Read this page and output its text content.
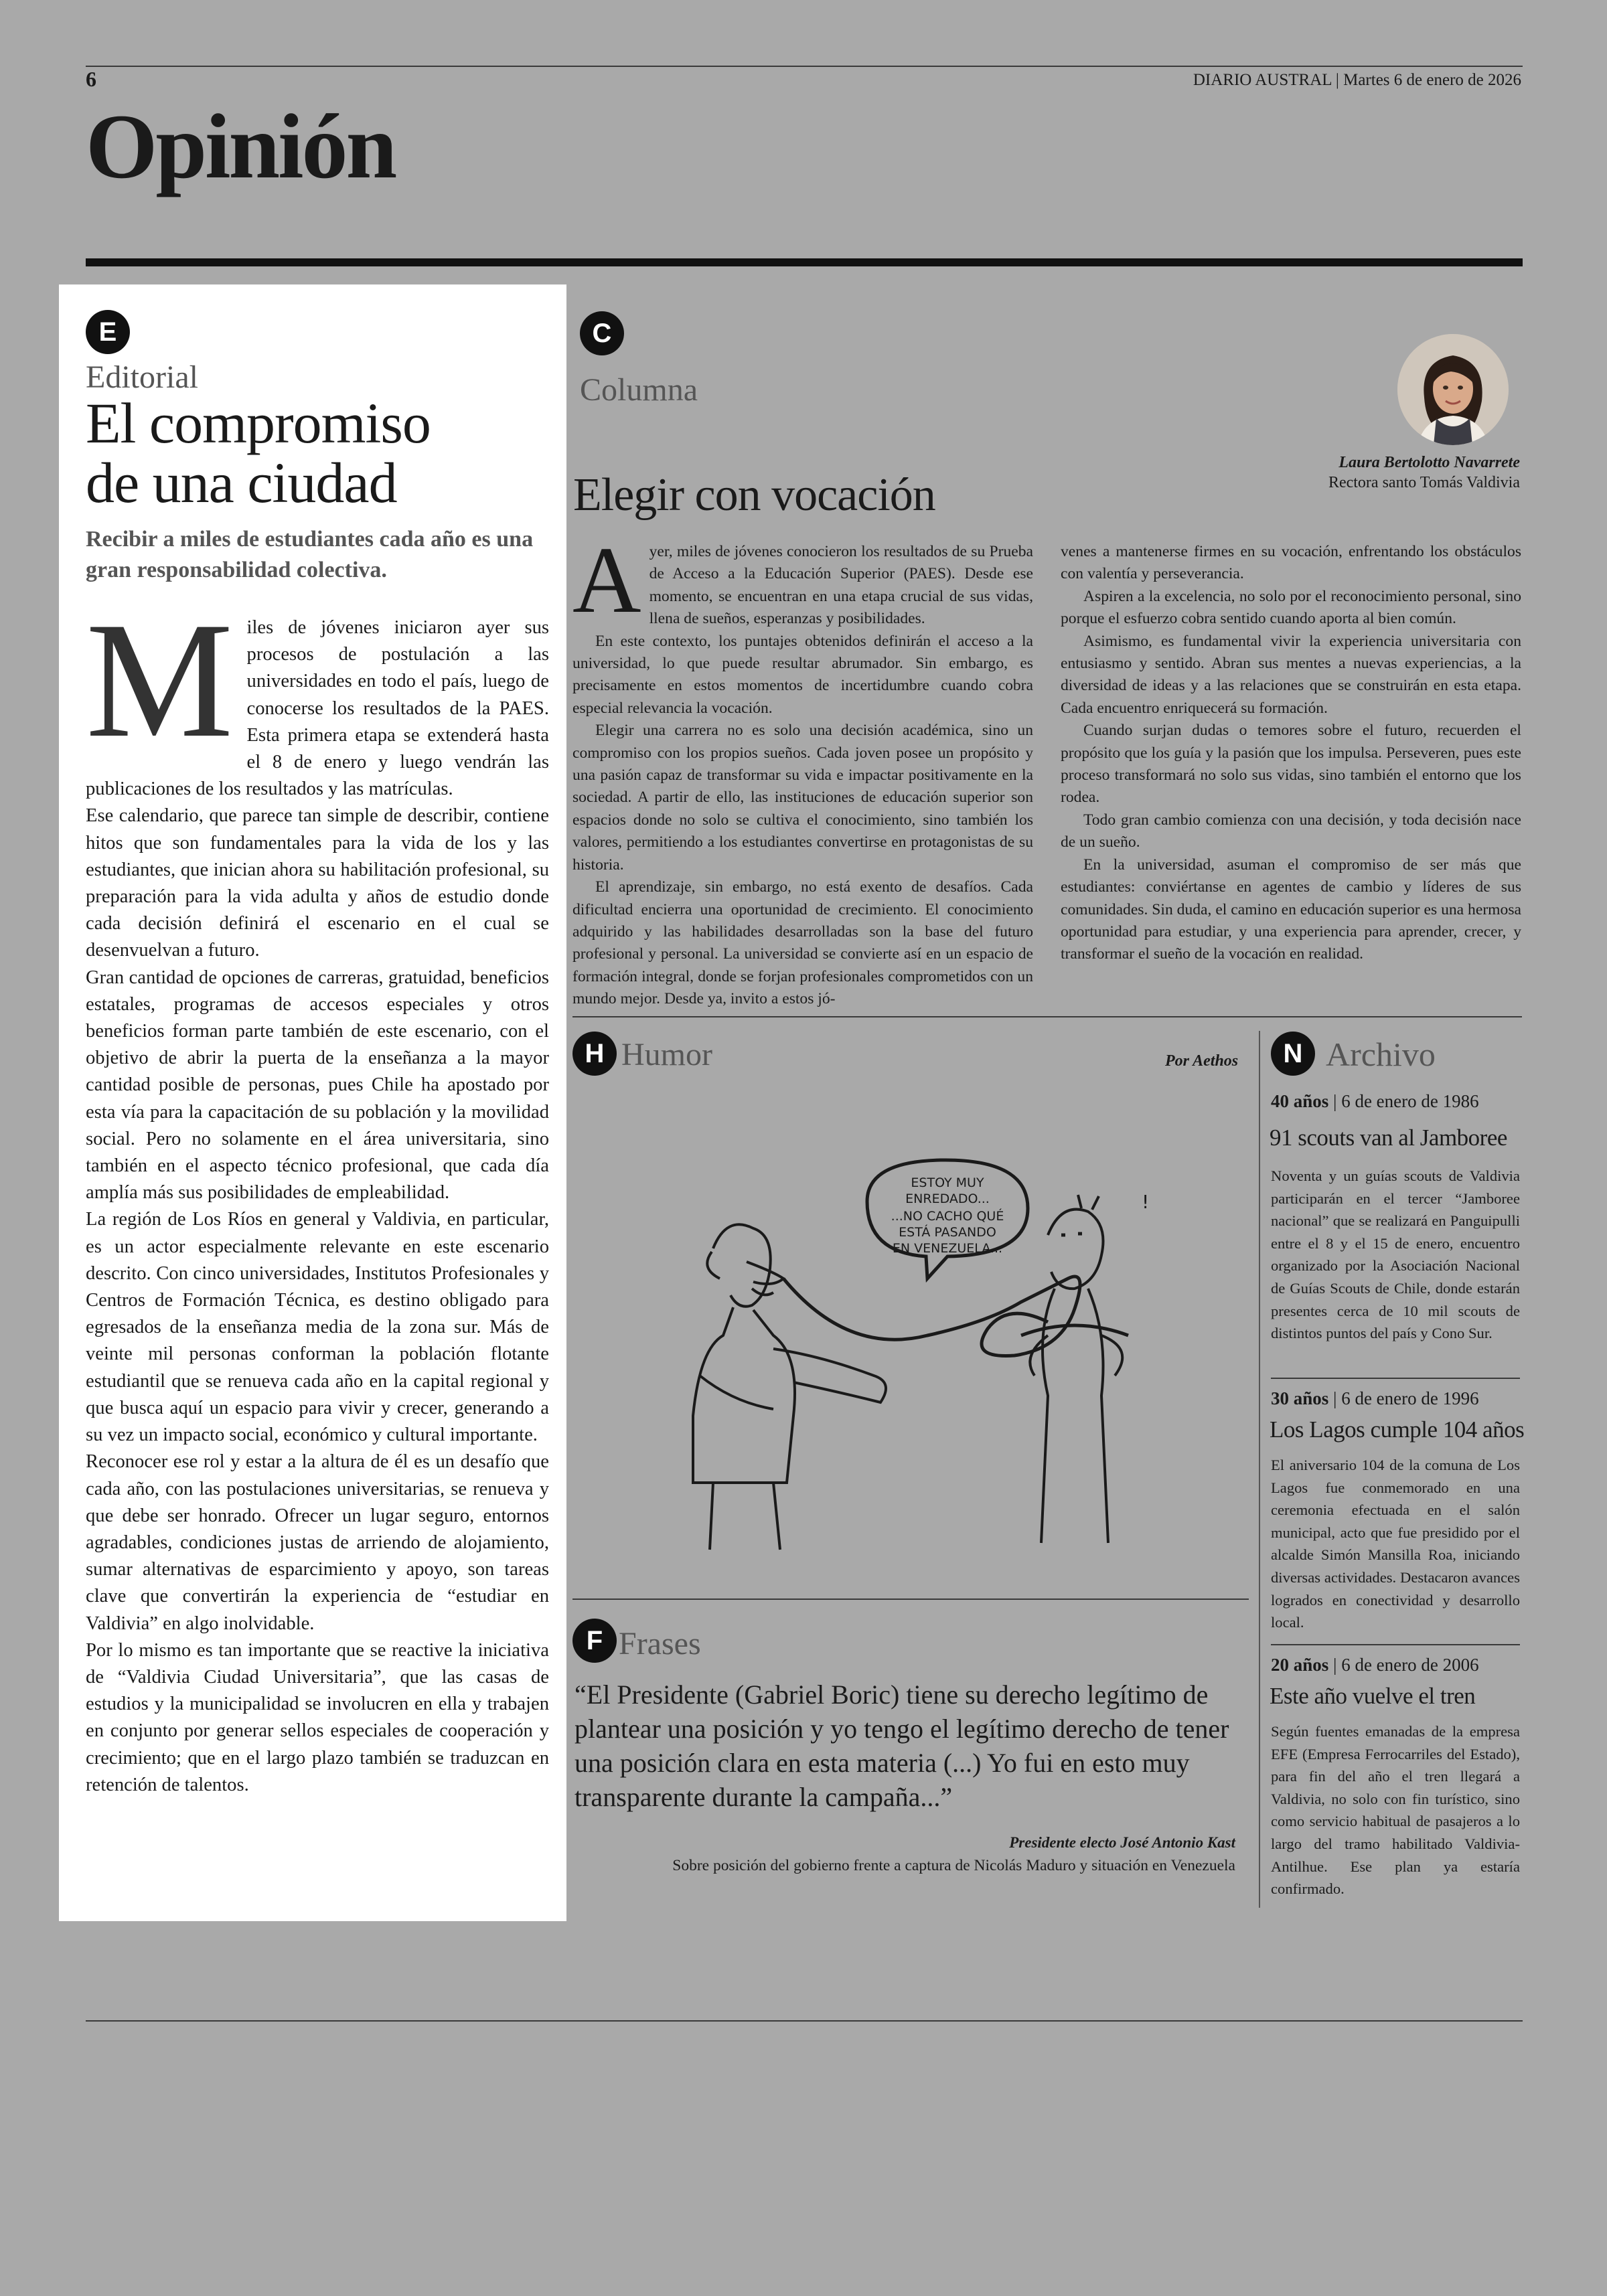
6	DIARIO AUSTRAL | Martes 6 de enero de 2026
Opinión
E
Editorial
El compromiso
de una ciudad
Recibir a miles de estudiantes cada año es una gran responsabilidad colectiva.

Miles de jóvenes iniciaron ayer sus procesos de postulación a las universidades en todo el país, luego de conocerse los resultados de la PAES. Esta primera etapa se extenderá hasta el 8 de enero y luego vendrán las publicaciones de los resultados y las matrículas.

Ese calendario, que parece tan simple de describir, contiene hitos que son fundamentales para la vida de los y las estudiantes, que inician ahora su habilitación profesional, su preparación para la vida adulta y años de estudio donde cada decisión definirá el escenario en el cual se desenvuelvan a futuro.

Gran cantidad de opciones de carreras, gratuidad, beneficios estatales, programas de accesos especiales y otros beneficios forman parte también de este escenario, con el objetivo de abrir la puerta de la enseñanza a la mayor cantidad posible de personas, pues Chile ha apostado por esta vía para la capacitación de su población y la movilidad social. Pero no solamente en el área universitaria, sino también en el aspecto técnico profesional, que cada día amplía más sus posibilidades de empleabilidad.

La región de Los Ríos en general y Valdivia, en particular, es un actor especialmente relevante en este escenario descrito. Con cinco universidades, Institutos Profesionales y Centros de Formación Técnica, es destino obligado para egresados de la enseñanza media de la zona sur. Más de veinte mil personas conforman la población flotante estudiantil que se renueva cada año en la capital regional y que busca aquí un espacio para vivir y crecer, generando a su vez un impacto social, económico y cultural importante.

Reconocer ese rol y estar a la altura de él es un desafío que cada año, con las postulaciones universitarias, se renueva y que debe ser honrado. Ofrecer un lugar seguro, entornos agradables, condiciones justas de arriendo de alojamiento, sumar alternativas de esparcimiento y apoyo, son tareas clave que convertirán la experiencia de “estudiar en Valdivia” en algo inolvidable.

Por lo mismo es tan importante que se reactive la iniciativa de “Valdivia Ciudad Universitaria”, que las casas de estudios y la municipalidad se involucren en ella y trabajen en conjunto por generar sellos especiales de cooperación y crecimiento; que en el largo plazo también se traduzcan en retención de talentos.

C
Columna
Laura Bertolotto Navarrete
Rectora santo Tomás Valdivia
Elegir con vocación

Ayer, miles de jóvenes conocieron los resultados de su Prueba de Acceso a la Educación Superior (PAES). Desde ese momento, se encuentran en una etapa crucial de sus vidas, llena de sueños, esperanzas y posibilidades.

En este contexto, los puntajes obtenidos definirán el acceso a la universidad, lo que puede resultar abrumador. Sin embargo, es precisamente en estos momentos de incertidumbre cuando cobra especial relevancia la vocación.

Elegir una carrera no es solo una decisión académica, sino un compromiso con los propios sueños. Cada joven posee un propósito y una pasión capaz de transformar su vida e impactar positivamente en la sociedad. A partir de ello, las instituciones de educación superior son espacios donde no solo se cultiva el conocimiento, sino también los valores, permitiendo a los estudiantes convertirse en protagonistas de su historia.

El aprendizaje, sin embargo, no está exento de desafíos. Cada dificultad encierra una oportunidad de crecimiento. El conocimiento adquirido y las habilidades desarrolladas son la base del futuro profesional y personal. La universidad se convierte así en un espacio de formación integral, donde se forjan profesionales comprometidos con un mundo mejor. Desde ya, invito a estos jó-

venes a mantenerse firmes en su vocación, enfrentando los obstáculos con valentía y perseverancia.

Aspiren a la excelencia, no solo por el reconocimiento personal, sino porque el esfuerzo cobra sentido cuando aporta al bien común.

Asimismo, es fundamental vivir la experiencia universitaria con entusiasmo y sentido. Abran sus mentes a nuevas experiencias, a la diversidad de ideas y a las relaciones que se construirán en esta etapa. Cada encuentro enriquecerá su formación.

Cuando surjan dudas o temores sobre el futuro, recuerden el propósito que los guía y la pasión que los impulsa. Perseveren, pues este proceso transformará no solo sus vidas, sino también el entorno que los rodea.

Todo gran cambio comienza con una decisión, y toda decisión nace de un sueño.

En la universidad, asuman el compromiso de ser más que estudiantes: conviértanse en agentes de cambio y líderes de sus comunidades. Sin duda, el camino en educación superior es una hermosa oportunidad para estudiar, y una experiencia para aprender, crecer, y transformar el sueño de la vocación en realidad.

H Humor	Por Aethos
ESTOY MUY
ENREDADO...
...NO CACHO QUÉ
ESTÁ PASANDO
EN VENEZUELA...
!
F Frases
“El Presidente (Gabriel Boric) tiene su derecho legítimo de plantear una posición y yo tengo el legítimo derecho de tener una posición clara en esta materia (...) Yo fui en esto muy transparente durante la campaña...”
Presidente electo José Antonio Kast
Sobre posición del gobierno frente a captura de Nicolás Maduro y situación en Venezuela
N Archivo
40 años | 6 de enero de 1986
91 scouts van al Jamboree
Noventa y un guías scouts de Valdivia participarán en el tercer “Jamboree nacional” que se realizará en Panguipulli entre el 8 y el 15 de enero, encuentro organizado por la Asociación Nacional de Guías Scouts de Chile, donde estarán presentes cerca de 10 mil scouts de distintos puntos del país y Cono Sur.
30 años | 6 de enero de 1996
Los Lagos cumple 104 años
El aniversario 104 de la comuna de Los Lagos fue conmemorado en una ceremonia efectuada en el salón municipal, acto que fue presidido por el alcalde Simón Mansilla Roa, iniciando diversas actividades. Destacaron avances logrados en conectividad y desarrollo local.
20 años | 6 de enero de 2006
Este año vuelve el tren
Según fuentes emanadas de la empresa EFE (Empresa Ferrocarriles del Estado), para fin del año el tren llegará a Valdivia, no solo con fin turístico, sino como servicio habitual de pasajeros a lo largo del tramo habilitado Valdivia-Antilhue. Ese plan ya estaría confirmado.
